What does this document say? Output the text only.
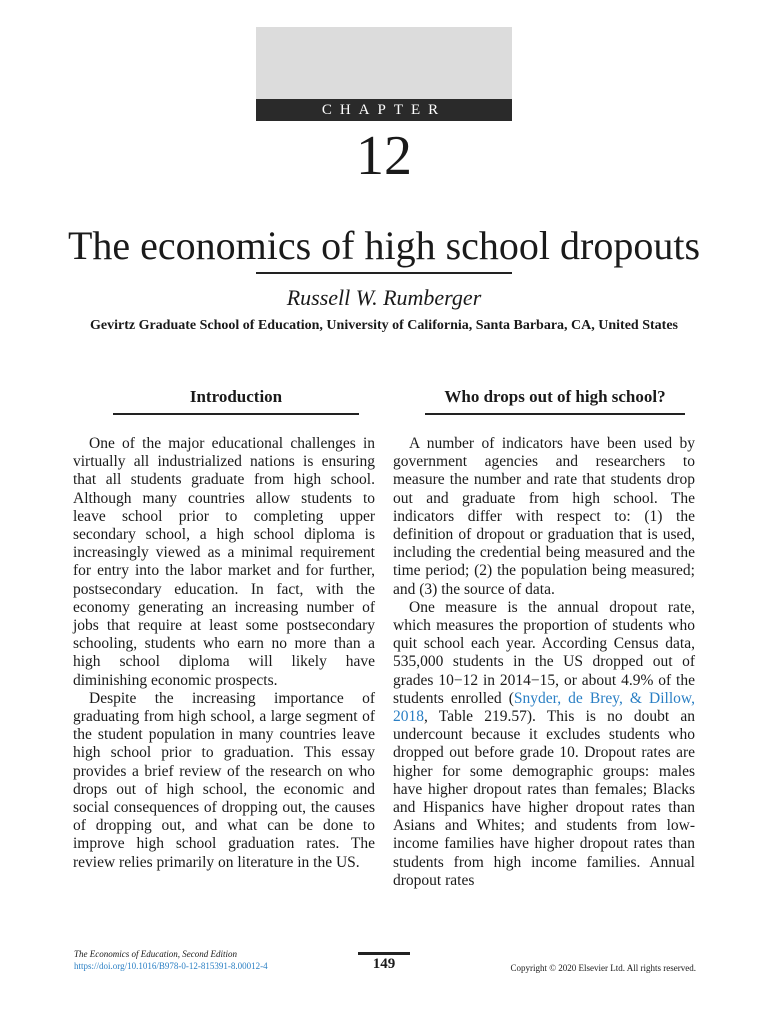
CHAPTER
12
The economics of high school dropouts
Russell W. Rumberger
Gevirtz Graduate School of Education, University of California, Santa Barbara, CA, United States
Introduction

One of the major educational challenges in virtually all industrialized nations is ensuring that all students graduate from high school. Although many countries allow students to leave school prior to completing upper secondary school, a high school diploma is increasingly viewed as a minimal requirement for entry into the labor market and for further, postsecondary education. In fact, with the economy generating an increasing number of jobs that require at least some postsecondary schooling, students who earn no more than a high school diploma will likely have diminishing economic prospects.

Despite the increasing importance of graduating from high school, a large segment of the student population in many countries leave high school prior to graduation. This essay provides a brief review of the research on who drops out of high school, the economic and social consequences of dropping out, the causes of dropping out, and what can be done to improve high school graduation rates. The review relies primarily on literature in the US.

Who drops out of high school?

A number of indicators have been used by government agencies and researchers to measure the number and rate that students drop out and graduate from high school. The indicators differ with respect to: (1) the definition of dropout or graduation that is used, including the credential being measured and the time period; (2) the population being measured; and (3) the source of data.

One measure is the annual dropout rate, which measures the proportion of students who quit school each year. According Census data, 535,000 students in the US dropped out of grades 10−12 in 2014−15, or about 4.9% of the students enrolled (Snyder, de Brey, & Dillow, 2018, Table 219.57). This is no doubt an undercount because it excludes students who dropped out before grade 10. Dropout rates are higher for some demographic groups: males have higher dropout rates than females; Blacks and Hispanics have higher dropout rates than Asians and Whites; and students from low-income families have higher dropout rates than students from high income families. Annual dropout rates

The Economics of Education, Second Edition
https://doi.org/10.1016/B978-0-12-815391-8.00012-4	149	Copyright © 2020 Elsevier Ltd. All rights reserved.
